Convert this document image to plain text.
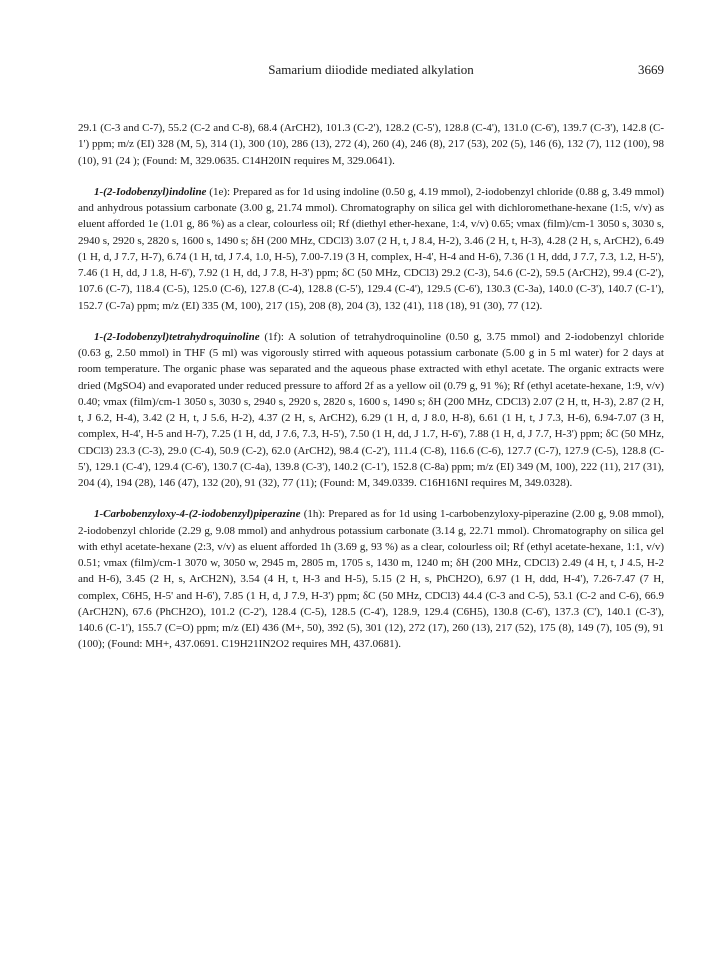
Samarium diiodide mediated alkylation	3669

29.1 (C-3 and C-7), 55.2 (C-2 and C-8), 68.4 (ArCH2), 101.3 (C-2'), 128.2 (C-5'), 128.8 (C-4'), 131.0 (C-6'), 139.7 (C-3'), 142.8 (C-1') ppm; m/z (EI) 328 (M, 5), 314 (1), 300 (10), 286 (13), 272 (4), 260 (4), 246 (8), 217 (53), 202 (5), 146 (6), 132 (7), 112 (100), 98 (10), 91 (24 ); (Found: M, 329.0635. C14H20IN requires M, 329.0641).

1-(2-Iodobenzyl)indoline (1e): Prepared as for 1d using indoline (0.50 g, 4.19 mmol), 2-iodobenzyl chloride (0.88 g, 3.49 mmol) and anhydrous potassium carbonate (3.00 g, 21.74 mmol). Chromatography on silica gel with dichloromethane-hexane (1:5, v/v) as eluent afforded 1e (1.01 g, 86 %) as a clear, colourless oil; Rf (diethyl ether-hexane, 1:4, v/v) 0.65; νmax (film)/cm-1 3050 s, 3030 s, 2940 s, 2920 s, 2820 s, 1600 s, 1490 s; δH (200 MHz, CDCl3) 3.07 (2 H, t, J 8.4, H-2), 3.46 (2 H, t, H-3), 4.28 (2 H, s, ArCH2), 6.49 (1 H, d, J 7.7, H-7), 6.74 (1 H, td, J 7.4, 1.0, H-5), 7.00-7.19 (3 H, complex, H-4', H-4 and H-6), 7.36 (1 H, ddd, J 7.7, 7.3, 1.2, H-5'), 7.46 (1 H, dd, J 1.8, H-6'), 7.92 (1 H, dd, J 7.8, H-3') ppm; δC (50 MHz, CDCl3) 29.2 (C-3), 54.6 (C-2), 59.5 (ArCH2), 99.4 (C-2'), 107.6 (C-7), 118.4 (C-5), 125.0 (C-6), 127.8 (C-4), 128.8 (C-5'), 129.4 (C-4'), 129.5 (C-6'), 130.3 (C-3a), 140.0 (C-3'), 140.7 (C-1'), 152.7 (C-7a) ppm; m/z (EI) 335 (M, 100), 217 (15), 208 (8), 204 (3), 132 (41), 118 (18), 91 (30), 77 (12).

1-(2-Iodobenzyl)tetrahydroquinoline (1f): A solution of tetrahydroquinoline (0.50 g, 3.75 mmol) and 2-iodobenzyl chloride (0.63 g, 2.50 mmol) in THF (5 ml) was vigorously stirred with aqueous potassium carbonate (5.00 g in 5 ml water) for 2 days at room temperature. The organic phase was separated and the aqueous phase extracted with ethyl acetate. The organic extracts were dried (MgSO4) and evaporated under reduced pressure to afford 2f as a yellow oil (0.79 g, 91 %); Rf (ethyl acetate-hexane, 1:9, v/v) 0.40; νmax (film)/cm-1 3050 s, 3030 s, 2940 s, 2920 s, 2820 s, 1600 s, 1490 s; δH (200 MHz, CDCl3) 2.07 (2 H, tt, H-3), 2.87 (2 H, t, J 6.2, H-4), 3.42 (2 H, t, J 5.6, H-2), 4.37 (2 H, s, ArCH2), 6.29 (1 H, d, J 8.0, H-8), 6.61 (1 H, t, J 7.3, H-6), 6.94-7.07 (3 H, complex, H-4', H-5 and H-7), 7.25 (1 H, dd, J 7.6, 7.3, H-5'), 7.50 (1 H, dd, J 1.7, H-6'), 7.88 (1 H, d, J 7.7, H-3') ppm; δC (50 MHz, CDCl3) 23.3 (C-3), 29.0 (C-4), 50.9 (C-2), 62.0 (ArCH2), 98.4 (C-2'), 111.4 (C-8), 116.6 (C-6), 127.7 (C-7), 127.9 (C-5), 128.8 (C-5'), 129.1 (C-4'), 129.4 (C-6'), 130.7 (C-4a), 139.8 (C-3'), 140.2 (C-1'), 152.8 (C-8a) ppm; m/z (EI) 349 (M, 100), 222 (11), 217 (31), 204 (4), 194 (28), 146 (47), 132 (20), 91 (32), 77 (11); (Found: M, 349.0339. C16H16NI requires M, 349.0328).

1-Carbobenzyloxy-4-(2-iodobenzyl)piperazine (1h): Prepared as for 1d using 1-carbobenzyloxy-piperazine (2.00 g, 9.08 mmol), 2-iodobenzyl chloride (2.29 g, 9.08 mmol) and anhydrous potassium carbonate (3.14 g, 22.71 mmol). Chromatography on silica gel with ethyl acetate-hexane (2:3, v/v) as eluent afforded 1h (3.69 g, 93 %) as a clear, colourless oil; Rf (ethyl acetate-hexane, 1:1, v/v) 0.51; νmax (film)/cm-1 3070 w, 3050 w, 2945 m, 2805 m, 1705 s, 1430 m, 1240 m; δH (200 MHz, CDCl3) 2.49 (4 H, t, J 4.5, H-2 and H-6), 3.45 (2 H, s, ArCH2N), 3.54 (4 H, t, H-3 and H-5), 5.15 (2 H, s, PhCH2O), 6.97 (1 H, ddd, H-4'), 7.26-7.47 (7 H, complex, C6H5, H-5' and H-6'), 7.85 (1 H, d, J 7.9, H-3') ppm; δC (50 MHz, CDCl3) 44.4 (C-3 and C-5), 53.1 (C-2 and C-6), 66.9 (ArCH2N), 67.6 (PhCH2O), 101.2 (C-2'), 128.4 (C-5), 128.5 (C-4'), 128.9, 129.4 (C6H5), 130.8 (C-6'), 137.3 (C'), 140.1 (C-3'), 140.6 (C-1'), 155.7 (C=O) ppm; m/z (EI) 436 (M+, 50), 392 (5), 301 (12), 272 (17), 260 (13), 217 (52), 175 (8), 149 (7), 105 (9), 91 (100); (Found: MH+, 437.0691. C19H21IN2O2 requires MH, 437.0681).
